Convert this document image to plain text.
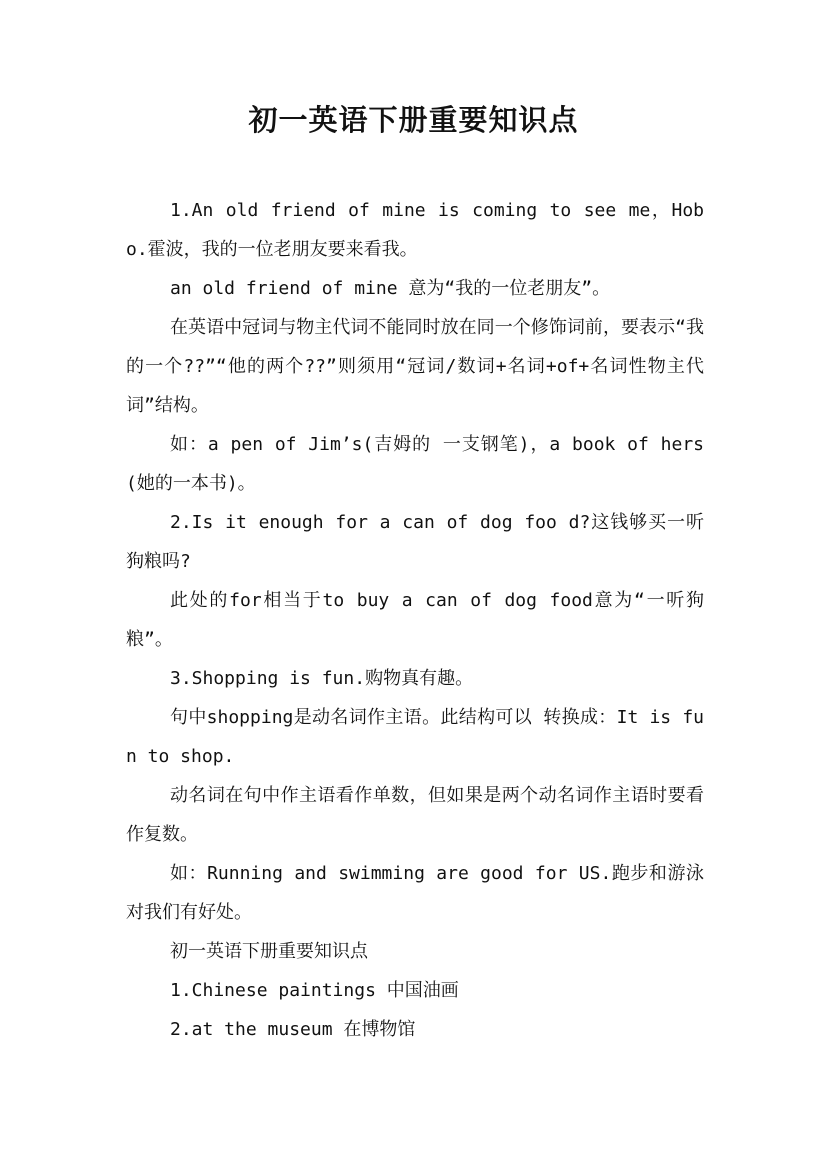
初一英语下册重要知识点

1.An old friend of mine is coming to see me，Hobo.霍波，我的一位老朋友要来看我。

an old friend of mine 意为“我的一位老朋友”。

在英语中冠词与物主代词不能同时放在同一个修饰词前，要表示“我的一个??”“他的两个??”则须用“冠词/数词+名词+of+名词性物主代词”结构。

如：a pen of Jim’s(吉姆的 一支钢笔)，a book of hers(她的一本书)。

2.Is it enough for a can of dog foo d?这钱够买一听狗粮吗?

此处的for相当于to buy a can of dog food意为“一听狗粮”。

3.Shopping is fun.购物真有趣。

句中shopping是动名词作主语。此结构可以 转换成：It is fun to shop.

动名词在句中作主语看作单数，但如果是两个动名词作主语时要看作复数。

如：Running and swimming are good for US.跑步和游泳对我们有好处。

初一英语下册重要知识点

1.Chinese paintings 中国油画

2.at the museum 在博物馆
